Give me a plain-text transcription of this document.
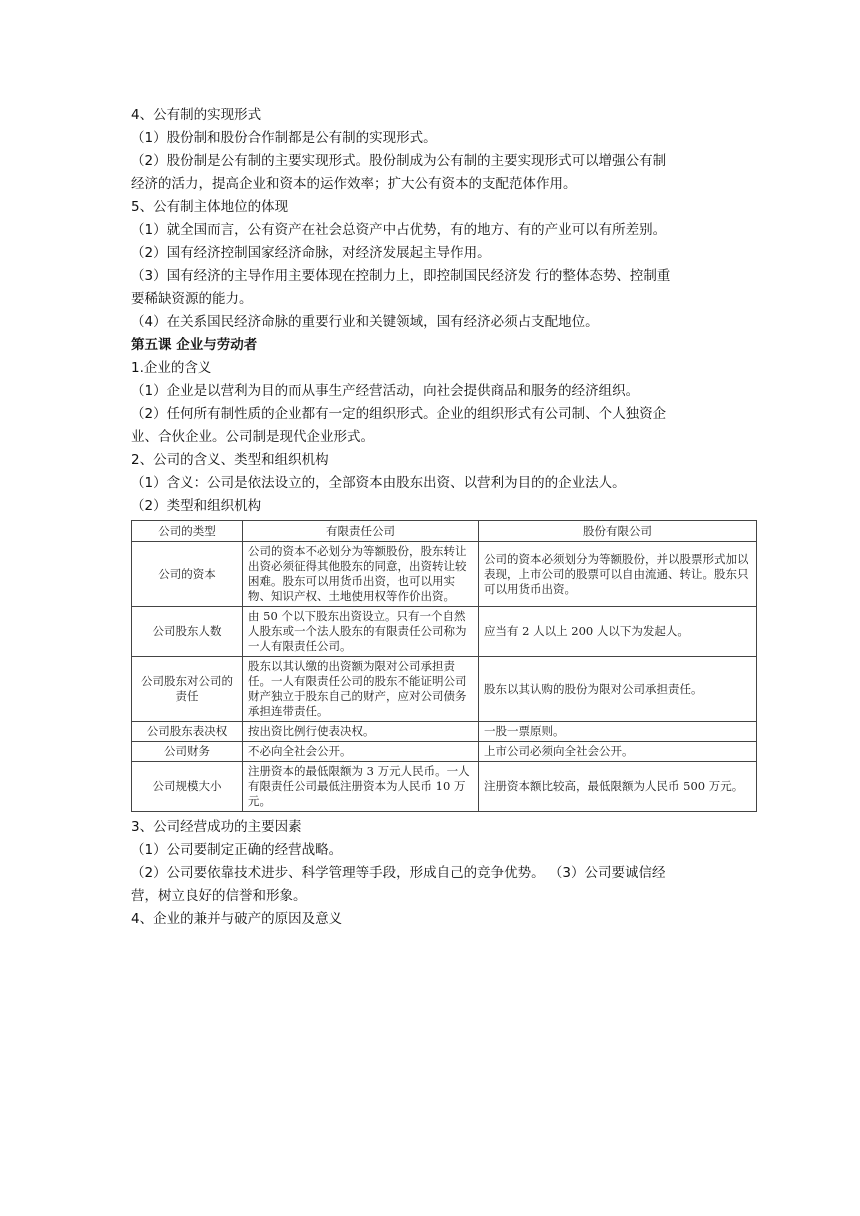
4、公有制的实现形式
（1）股份制和股份合作制都是公有制的实现形式。
（2）股份制是公有制的主要实现形式。股份制成为公有制的主要实现形式可以增强公有制
经济的活力，提高企业和资本的运作效率；扩大公有资本的支配范体作用。
5、公有制主体地位的体现
（1）就全国而言，公有资产在社会总资产中占优势，有的地方、有的产业可以有所差别。
（2）国有经济控制国家经济命脉，对经济发展起主导作用。
（3）国有经济的主导作用主要体现在控制力上，即控制国民经济发 行的整体态势、控制重
要稀缺资源的能力。
（4）在关系国民经济命脉的重要行业和关键领域，国有经济必须占支配地位。
第五课 企业与劳动者
1.企业的含义
（1）企业是以营利为目的而从事生产经营活动，向社会提供商品和服务的经济组织。
（2）任何所有制性质的企业都有一定的组织形式。企业的组织形式有公司制、个人独资企
业、合伙企业。公司制是现代企业形式。
2、公司的含义、类型和组织机构
（1）含义：公司是依法设立的，全部资本由股东出资、以营利为目的的企业法人。
（2）类型和组织机构
公司的类型	有限责任公司	股份有限公司
公司的资本	公司的资本不必划分为等额股份，股东转让出资必须征得其他股东的同意，出资转让较困难。股东可以用货币出资，也可以用实物、知识产权、土地使用权等作价出资。	公司的资本必须划分为等额股份，并以股票形式加以表现，上市公司的股票可以自由流通、转让。股东只可以用货币出资。
公司股东人数	由 50 个以下股东出资设立。只有一个自然人股东或一个法人股东的有限责任公司称为一人有限责任公司。	应当有 2 人以上 200 人以下为发起人。
公司股东对公司的责任	股东以其认缴的出资额为限对公司承担责任。一人有限责任公司的股东不能证明公司财产独立于股东自己的财产，应对公司债务承担连带责任。	股东以其认购的股份为限对公司承担责任。
公司股东表决权	按出资比例行使表决权。	一股一票原则。
公司财务	不必向全社会公开。	上市公司必须向全社会公开。
公司规模大小	注册资本的最低限额为 3 万元人民币。一人有限责任公司最低注册资本为人民币 10 万元。	注册资本额比较高，最低限额为人民币 500 万元。
3、公司经营成功的主要因素
（1）公司要制定正确的经营战略。
（2）公司要依靠技术进步、科学管理等手段，形成自己的竞争优势。 （3）公司要诚信经
营，树立良好的信誉和形象。
4、企业的兼并与破产的原因及意义
